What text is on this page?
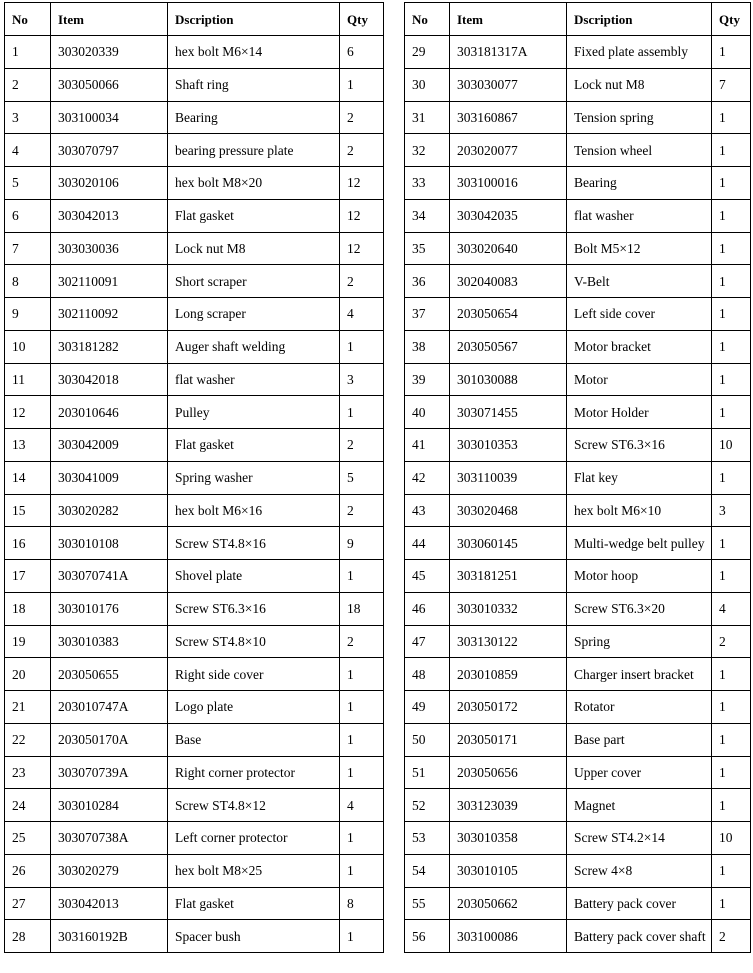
No	Item	Dscription	Qty
1	303020339	hex bolt M6×14	6
2	303050066	Shaft ring	1
3	303100034	Bearing	2
4	303070797	bearing pressure plate	2
5	303020106	hex bolt M8×20	12
6	303042013	Flat gasket	12
7	303030036	Lock nut M8	12
8	302110091	Short scraper	2
9	302110092	Long scraper	4
10	303181282	Auger shaft welding	1
11	303042018	flat washer	3
12	203010646	Pulley	1
13	303042009	Flat gasket	2
14	303041009	Spring washer	5
15	303020282	hex bolt M6×16	2
16	303010108	Screw ST4.8×16	9
17	303070741A	Shovel plate	1
18	303010176	Screw ST6.3×16	18
19	303010383	Screw ST4.8×10	2
20	203050655	Right side cover	1
21	203010747A	Logo plate	1
22	203050170A	Base	1
23	303070739A	Right corner protector	1
24	303010284	Screw ST4.8×12	4
25	303070738A	Left corner protector	1
26	303020279	hex bolt M8×25	1
27	303042013	Flat gasket	8
28	303160192B	Spacer bush	1
No	Item	Dscription	Qty
29	303181317A	Fixed plate assembly	1
30	303030077	Lock nut M8	7
31	303160867	Tension spring	1
32	203020077	Tension wheel	1
33	303100016	Bearing	1
34	303042035	flat washer	1
35	303020640	Bolt M5×12	1
36	302040083	V-Belt	1
37	203050654	Left side cover	1
38	203050567	Motor bracket	1
39	301030088	Motor	1
40	303071455	Motor Holder	1
41	303010353	Screw ST6.3×16	10
42	303110039	Flat key	1
43	303020468	hex bolt M6×10	3
44	303060145	Multi-wedge belt pulley	1
45	303181251	Motor hoop	1
46	303010332	Screw ST6.3×20	4
47	303130122	Spring	2
48	203010859	Charger insert bracket	1
49	203050172	Rotator	1
50	203050171	Base part	1
51	203050656	Upper cover	1
52	303123039	Magnet	1
53	303010358	Screw ST4.2×14	10
54	303010105	Screw 4×8	1
55	203050662	Battery pack cover	1
56	303100086	Battery pack cover shaft	2
